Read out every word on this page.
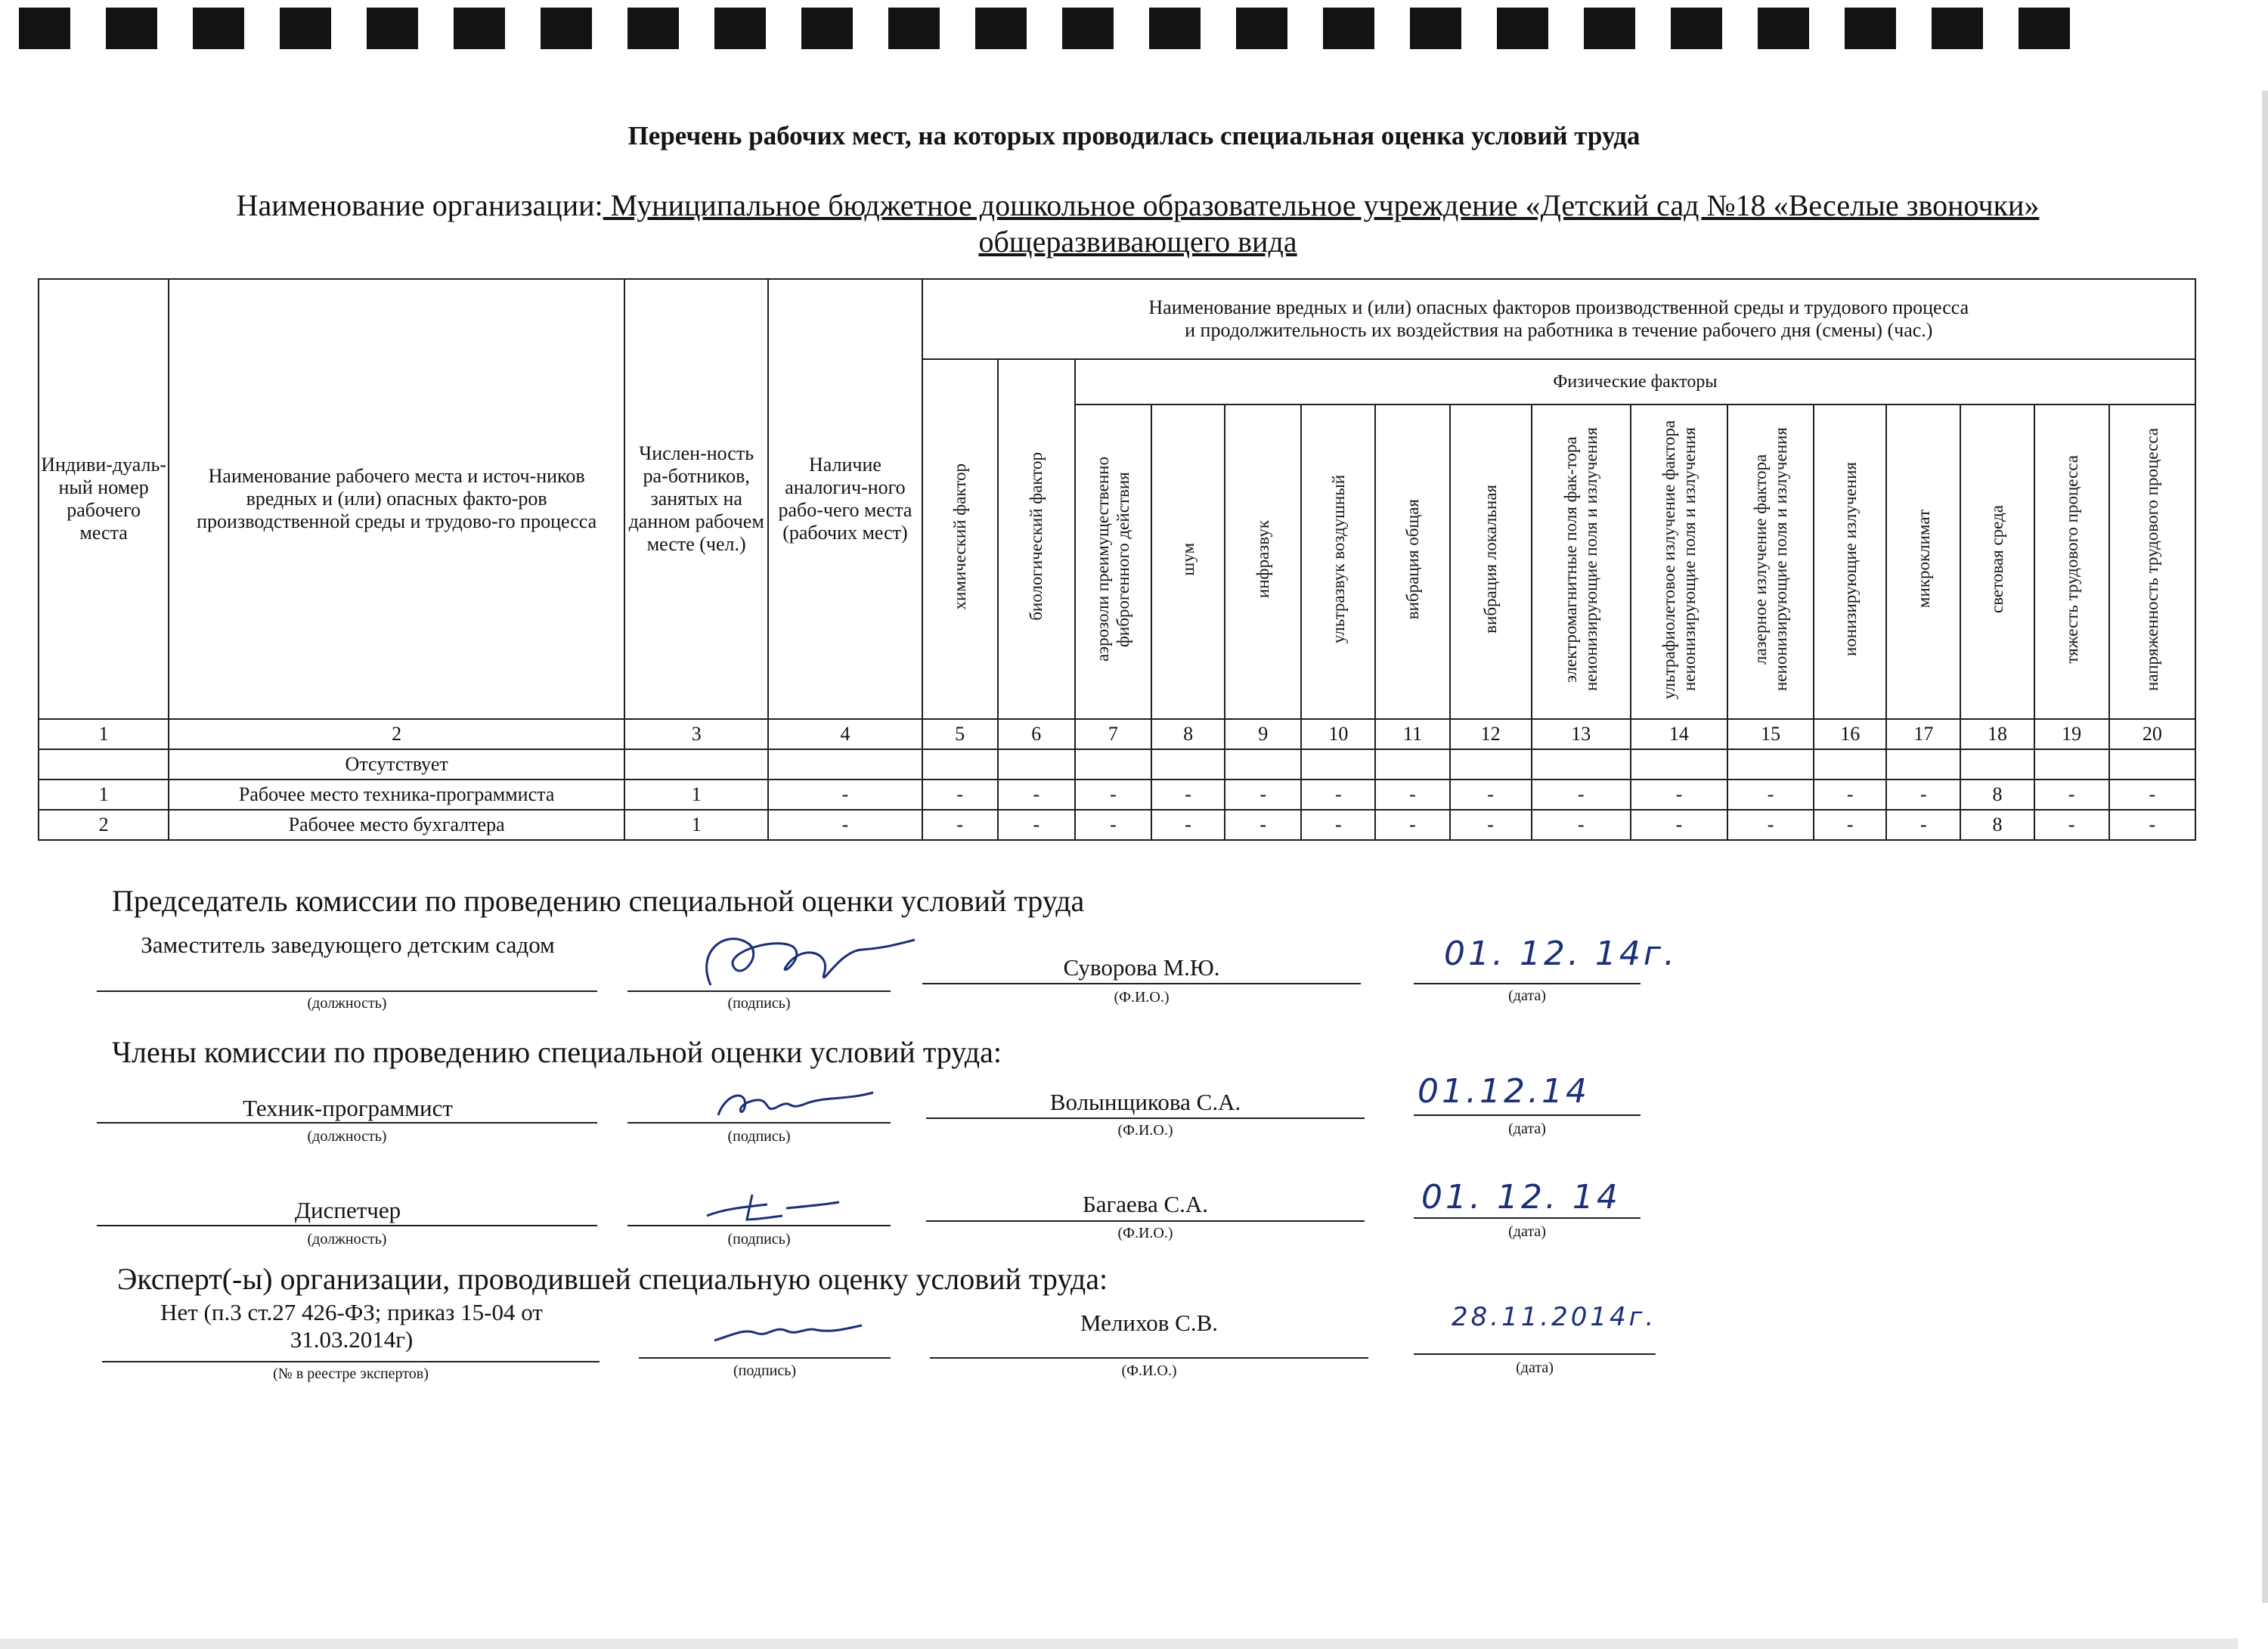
Перечень рабочих мест, на которых проводилась специальная оценка условий труда
Наименование организации: Муниципальное бюджетное дошкольное образовательное учреждение «Детский сад №18 «Веселые звоночки»
общеразвивающего вида
Индиви-дуаль-ный номер рабочего места	Наименование рабочего места и источ-ников вредных и (или) опасных факто-ров производственной среды и трудово-го процесса	Числен-ность ра-ботников, занятых на данном рабочем месте (чел.)	Наличие аналогич-ного рабо-чего места (рабочих мест)	Наименование вредных и (или) опасных факторов производственной среды и трудового процесса
и продолжительность их воздействия на работника в течение рабочего дня (смены) (час.)															
				химический фактор	биологический фактор	Физические факторы													
						аэрозоли преимущественно фиброгенного действия	шум	инфразвук	ультразвук воздушный	вибрация общая	вибрация локальная	электромагнитные поля фак-тора неионизирующие поля и излучения	ультрафиолетовое излучение фактора неионизирующие поля и излучения	лазерное излучение фактора неионизирующие поля и излучения	ионизирующие излучения	микроклимат	световая среда	тяжесть трудового процесса	напряженность трудового процесса
1	2	3	4	5	6	7	8	9	10	11	12	13	14	15	16	17	18	19	20
	Отсутствует																		
1	Рабочее место техника-программиста	1	-	-	-	-	-	-	-	-	-	-	-	-	-	-	8	-	-
2	Рабочее место бухгалтера	1	-	-	-	-	-	-	-	-	-	-	-	-	-	-	8	-	-
Председатель комиссии по проведению специальной оценки условий труда
Заместитель заведующего детским садом
(должность)	(подпись)
Суворова М.Ю.
(Ф.И.О.)
01. 12. 14г.
(дата)
Члены комиссии по проведению специальной оценки условий труда:
Техник-программист
(должность)	(подпись)
Волынщикова С.А.
(Ф.И.О.)
01.12.14
(дата)
Диспетчер
(должность)	(подпись)
Багаева С.А.
(Ф.И.О.)
01. 12. 14
(дата)
Эксперт(-ы) организации, проводившей специальную оценку условий труда:
Нет (п.3 ст.27 426-ФЗ; приказ 15-04 от 31.03.2014г)
(№ в реестре экспертов)	(подпись)
Мелихов С.В.
(Ф.И.О.)
28.11.2014г.
(дата)
